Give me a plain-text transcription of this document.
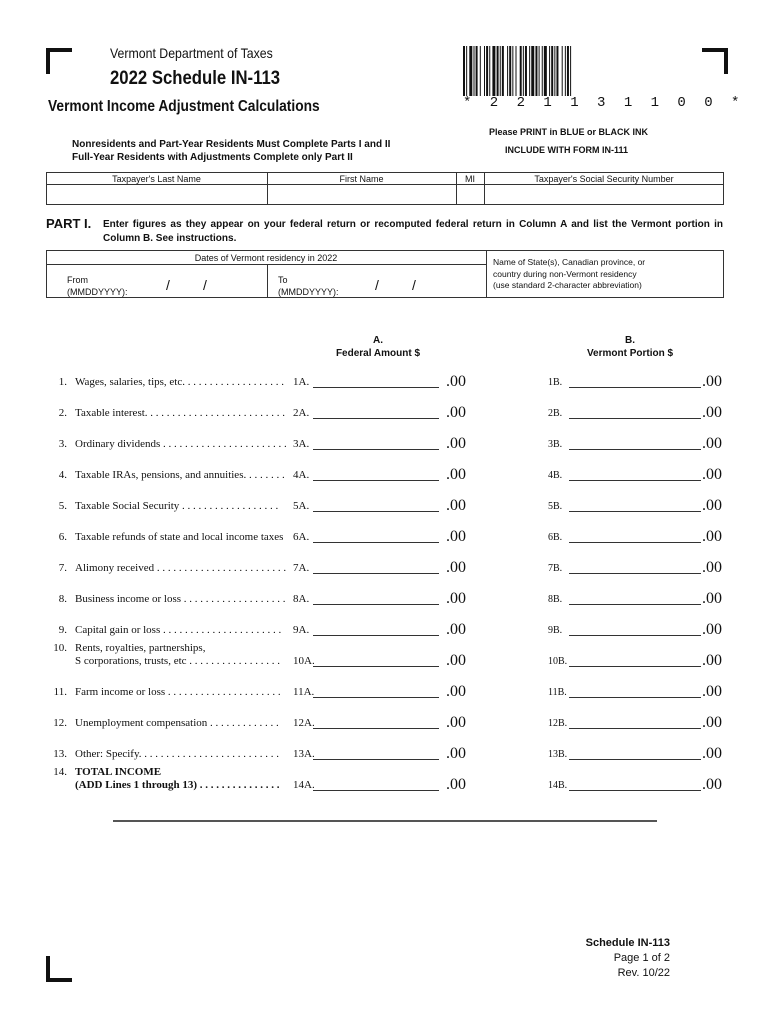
Vermont Department of Taxes
2022 Schedule IN-113
Vermont Income Adjustment Calculations	* 2 2 1 1 3 1 1 0 0 *
Nonresidents and Part-Year Residents Must Complete Parts I and II
Full-Year Residents with Adjustments Complete only Part II
Please PRINT in BLUE or BLACK INK
INCLUDE WITH FORM IN-111
Taxpayer's Last Name	First Name	MI	Taxpayer's Social Security Number
PART I. Enter figures as they appear on your federal return or recomputed federal return in Column A and list the Vermont portion in Column B. See instructions.
Dates of Vermont residency in 2022
From
(MMDDYYYY):	/ /	To
(MMDDYYYY):	/ /
Name of State(s), Canadian province, or
country during non-Vermont residency
(use standard 2-character abbreviation)
A.
Federal Amount $
B.
Vermont Portion $
1. Wages, salaries, tips, etc. . . . . . . . . . . . . . . . . . . 1A.	.00	1B.	.00
2. Taxable interest. . . . . . . . . . . . . . . . . . . . . . . . . . 2A.	.00	2B.	.00
3. Ordinary dividends . . . . . . . . . . . . . . . . . . . . . . . 3A.	.00	3B.	.00
4. Taxable IRAs, pensions, and annuities. . . . . . . . 4A.	.00	4B.	.00
5. Taxable Social Security . . . . . . . . . . . . . . . . . . 5A.	.00	5B.	.00
6. Taxable refunds of state and local income taxes 6A.	.00	6B.	.00
7. Alimony received . . . . . . . . . . . . . . . . . . . . . . . . 7A.	.00	7B.	.00
8. Business income or loss . . . . . . . . . . . . . . . . . . . 8A.	.00	8B.	.00
9. Capital gain or loss . . . . . . . . . . . . . . . . . . . . . . 9A.	.00	9B.	.00
10. Rents, royalties, partnerships,
S corporations, trusts, etc . . . . . . . . . . . . . . . . . 10A.	.00	10B.	.00
11. Farm income or loss . . . . . . . . . . . . . . . . . . . . . 11A.	.00	11B.	.00
12. Unemployment compensation . . . . . . . . . . . . . 12A.	.00	12B.	.00
13. Other: Specify. . . . . . . . . . . . . . . . . . . . . . . . . . 13A.	.00	13B.	.00
14. TOTAL INCOME
(ADD Lines 1 through 13) . . . . . . . . . . . . . . . 14A.	.00	14B.	.00
Schedule IN-113
Page 1 of 2
Rev. 10/22
